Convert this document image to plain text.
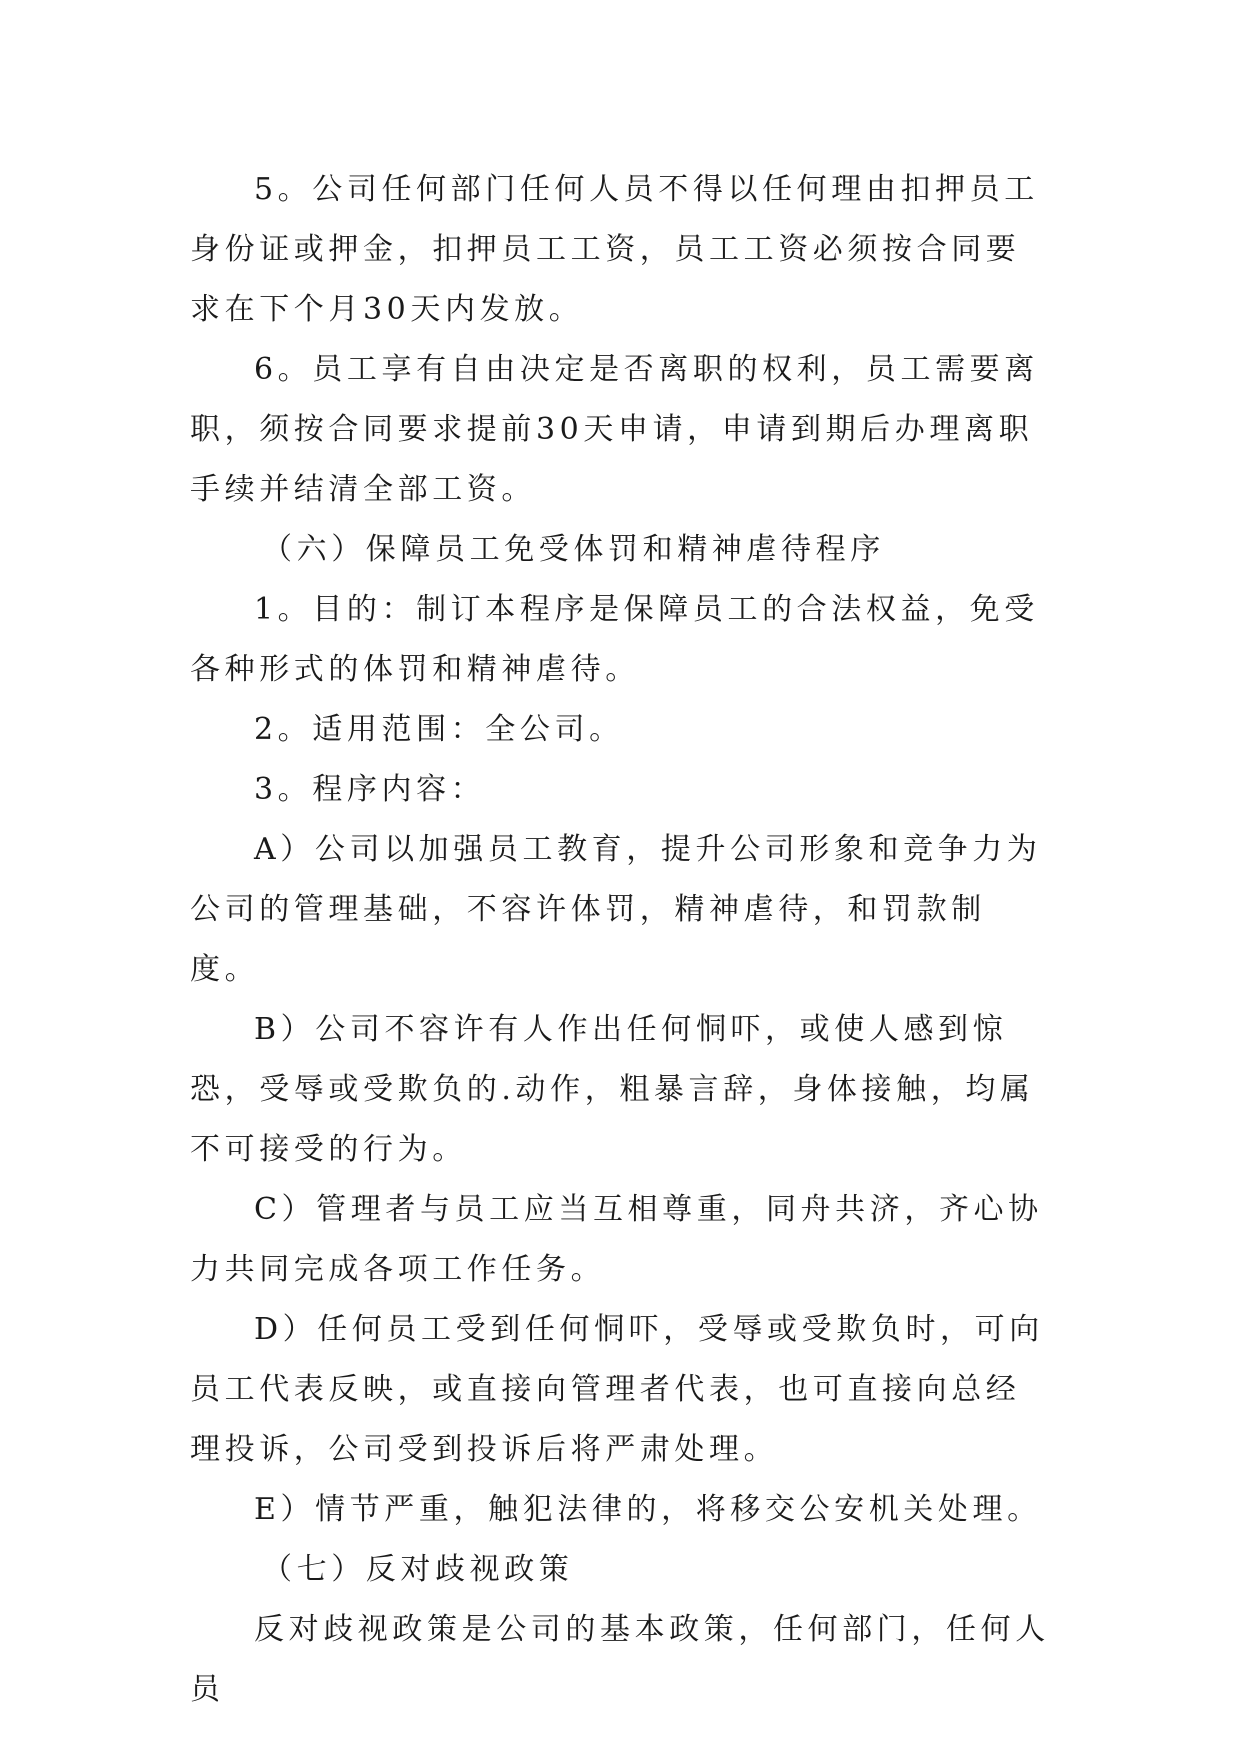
5。公司任何部门任何人员不得以任何理由扣押员工身份证或押金，扣押员工工资，员工工资必须按合同要求在下个月30天内发放。

6。员工享有自由决定是否离职的权利，员工需要离职，须按合同要求提前30天申请，申请到期后办理离职手续并结清全部工资。

（六）保障员工免受体罚和精神虐待程序

1。目的：制订本程序是保障员工的合法权益，免受各种形式的体罚和精神虐待。

2。适用范围：全公司。

3。程序内容：

A）公司以加强员工教育，提升公司形象和竞争力为公司的管理基础，不容许体罚，精神虐待，和罚款制度。

B）公司不容许有人作出任何恫吓，或使人感到惊恐，受辱或受欺负的.动作，粗暴言辞，身体接触，均属不可接受的行为。

C）管理者与员工应当互相尊重，同舟共济，齐心协力共同完成各项工作任务。

D）任何员工受到任何恫吓，受辱或受欺负时，可向员工代表反映，或直接向管理者代表，也可直接向总经理投诉，公司受到投诉后将严肃处理。

E）情节严重，触犯法律的，将移交公安机关处理。

（七）反对歧视政策

反对歧视政策是公司的基本政策，任何部门，任何人员
